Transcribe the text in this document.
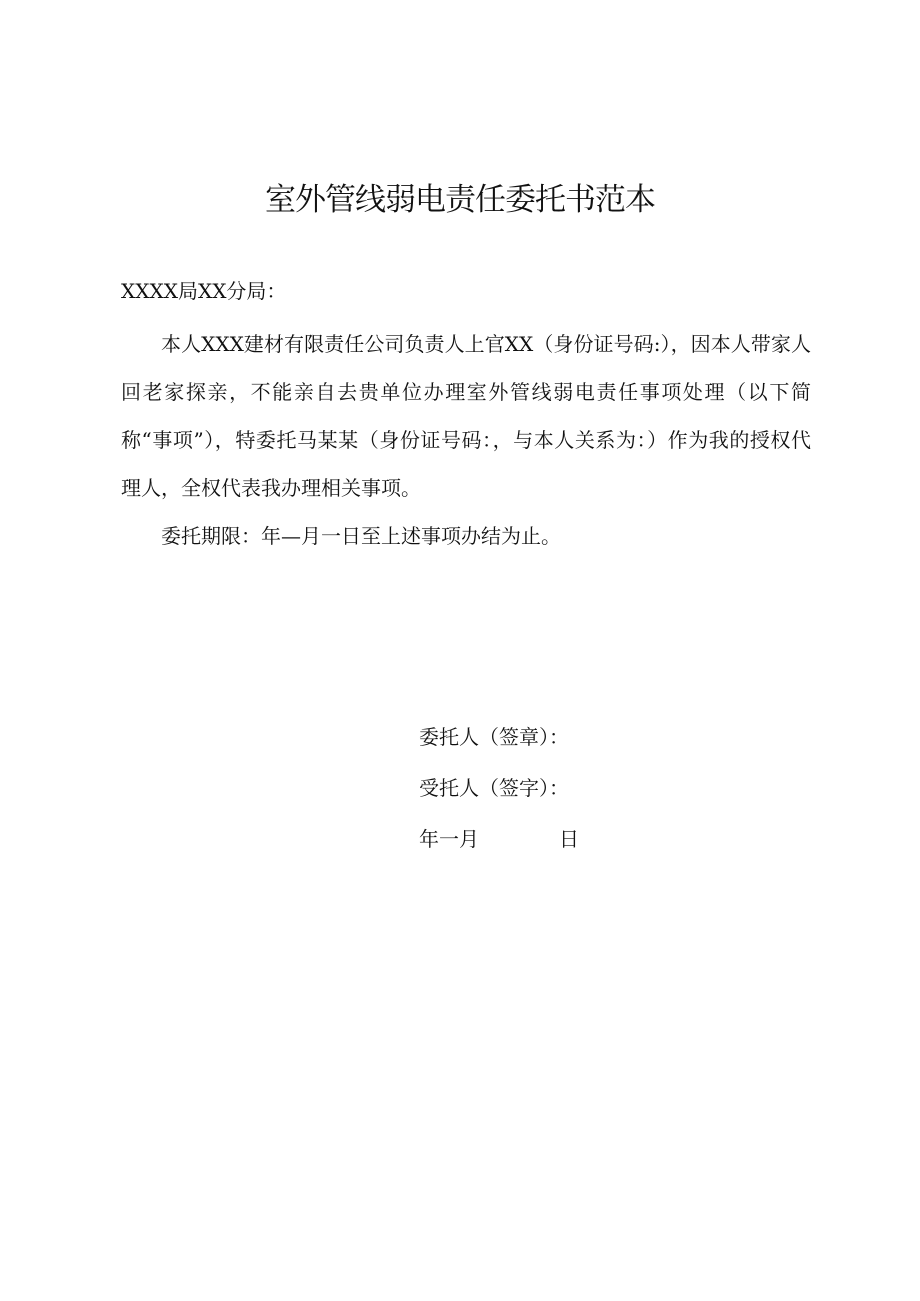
室外管线弱电责任委托书范本
XXXX局XX分局：

本人XXX建材有限责任公司负责人上官XX（身份证号码:），因本人带家人回老家探亲，不能亲自去贵单位办理室外管线弱电责任事项处理（以下简称“事项”），特委托马某某（身份证号码：，与本人关系为：）作为我的授权代理人，全权代表我办理相关事项。

委托期限：年—月一日至上述事项办结为止。

委托人（签章）：
受托人（签字）：
年一月	日
